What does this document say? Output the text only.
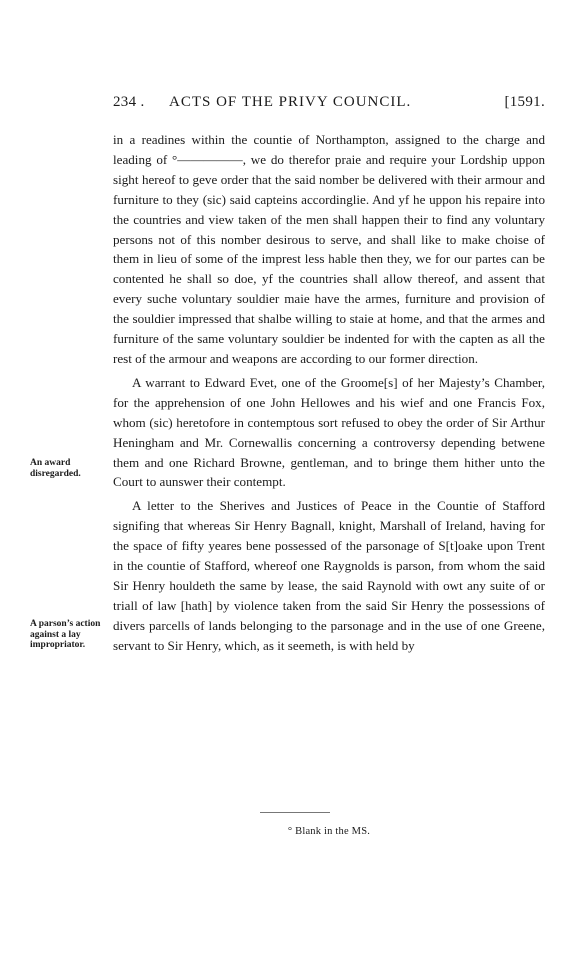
234 . ACTS OF THE PRIVY COUNCIL.	[1591.

in a readines within the countie of Northampton, assigned to the charge and leading of °—————, we do therefor praie and require your Lordship uppon sight hereof to geve order that the said nomber be delivered with their armour and furniture to they (sic) said capteins accordinglie. And yf he uppon his repaire into the countries and view taken of the men shall happen their to find any voluntary persons not of this nomber desirous to serve, and shall like to make choise of them in lieu of some of the imprest less hable then they, we for our partes can be contented he shall so doe, yf the countries shall allow thereof, and assent that every suche voluntary souldier maie have the armes, furniture and provision of the souldier impressed that shalbe willing to staie at home, and that the armes and furniture of the same voluntary souldier be indented for with the capten as all the rest of the armour and weapons are according to our former direction.

A warrant to Edward Evet, one of the Groome[s] of her Majesty’s Chamber, for the apprehension of one John Hellowes and his wief and one Francis Fox, whom (sic) heretofore in contemptous sort refused to obey the order of Sir Arthur Heningham and Mr. Cornewallis concerning a controversy depending betwene them and one Richard Browne, gentleman, and to bringe them hither unto the Court to aunswer their contempt.

A letter to the Sherives and Justices of Peace in the Countie of Stafford signifing that whereas Sir Henry Bagnall, knight, Marshall of Ireland, having for the space of fifty yeares bene possessed of the parsonage of S[t]oake upon Trent in the countie of Stafford, whereof one Raygnolds is parson, from whom the said Sir Henry houldeth the same by lease, the said Raynold with owt any suite of or triall of law [hath] by violence taken from the said Sir Henry the possessions of divers parcells of lands belonging to the parsonage and in the use of one Greene, servant to Sir Henry, which, as it seemeth, is with held by

An award disregarded.
A parson’s action against a lay impropriator.
° Blank in the MS.
